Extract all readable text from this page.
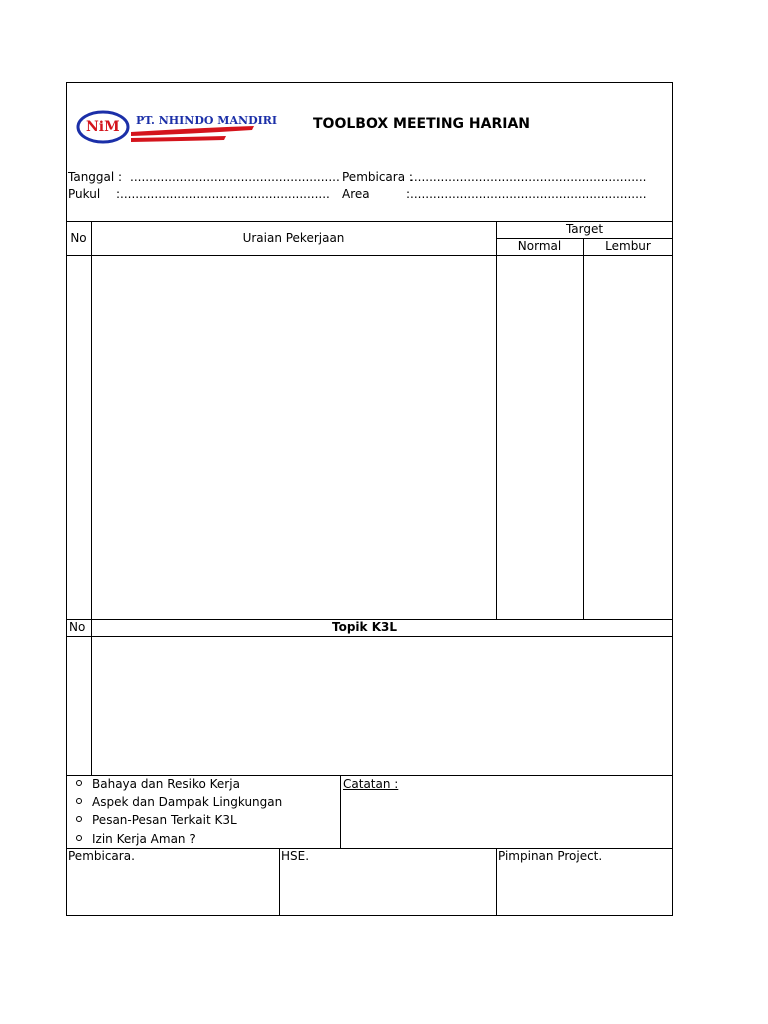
NiM PT. NHINDO MANDIRI	TOOLBOX MEETING HARIAN
Tanggal : .......................................................
Pukul :.......................................................
Pembicara :
..............................................................
Area	:..............................................................
No	Uraian Pekerjaan
Target
Normal	Lembur
No	Topik K3L
Bahaya dan Resiko Kerja
Aspek dan Dampak Lingkungan
Pesan-Pesan Terkait K3L
Izin Kerja Aman ?
Catatan :
Pembicara.	HSE.	Pimpinan Project.
